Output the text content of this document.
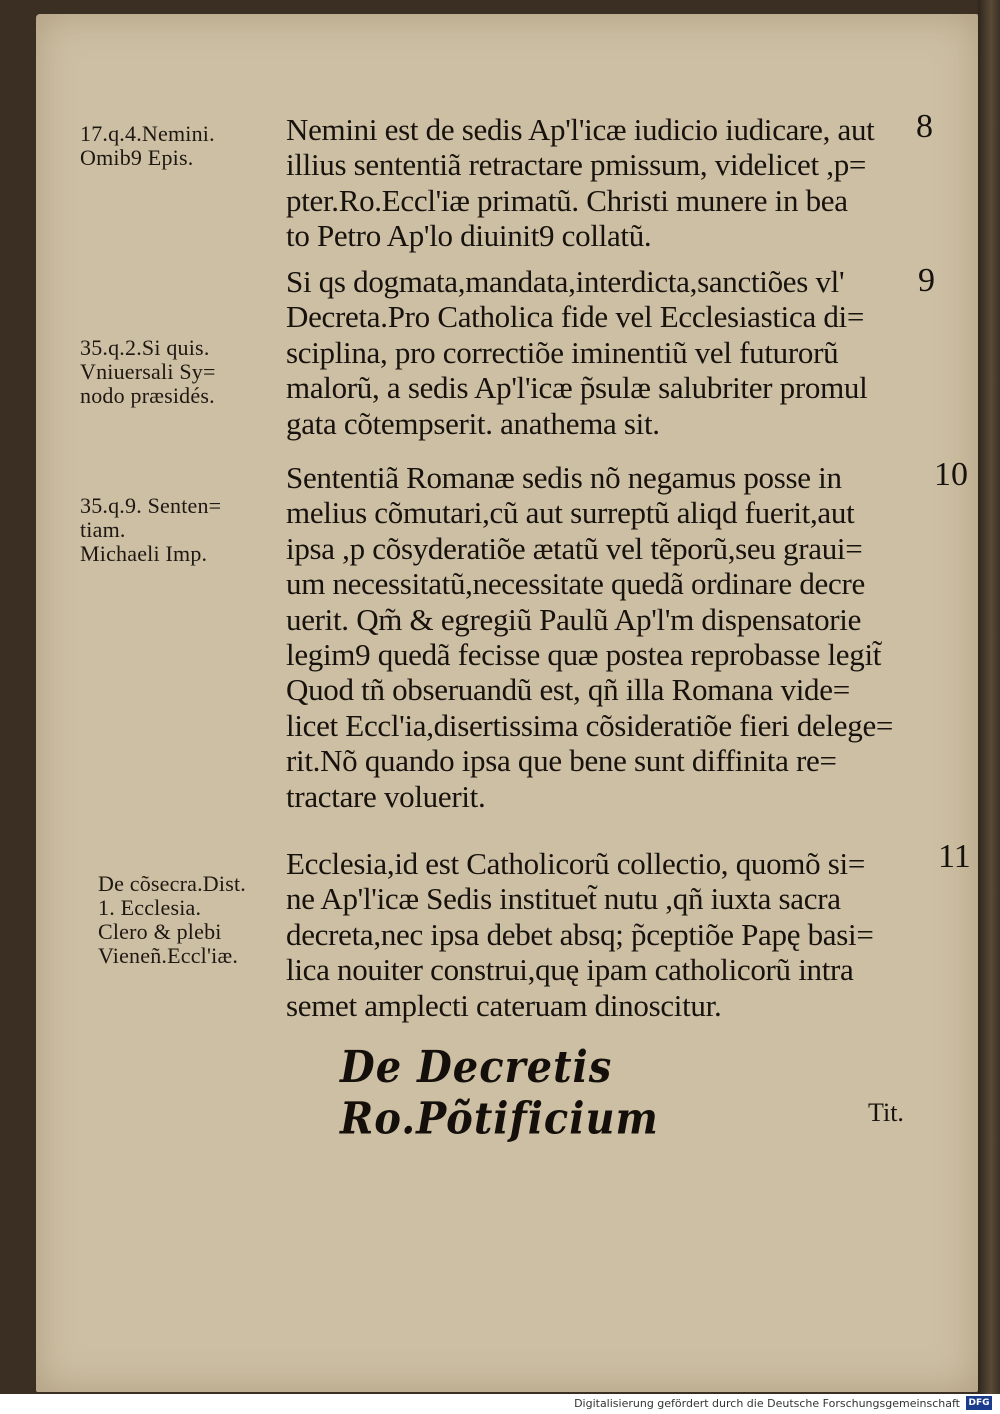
17.q.4.Nemini.
Omib9 Epis.
35.q.2.Si quis.
Vniuersali Sy=
nodo præsidés.
35.q.9. Senten=
tiam.
Michaeli Imp.
De cõsecra.Dist.
1. Ecclesia.
Clero & plebi
Vieneñ.Eccl'iæ.
Nemini est de sedis Ap'l'icæ iudicio iudicare, aut
illius sententiã retractare pmissum, videlicet ,p=
pter.Ro.Eccl'iæ primatũ. Christi munere in bea
to Petro Ap'lo diuinit9 collatũ.
8
Si qs dogmata,mandata,interdicta,sanctiões vl'
Decreta.Pro Catholica fide vel Ecclesiastica di=
sciplina, pro correctiõe iminentiũ vel futurorũ
malorũ, a sedis Ap'l'icæ p̃sulæ salubriter promul
gata cõtempserit. anathema sit.
9
Sententiã Romanæ sedis nõ negamus posse in
melius cõmutari,cũ aut surreptũ aliqd fuerit,aut
ipsa ,p cõsyderatiõe ætatũ vel tẽporũ,seu graui=
um necessitatũ,necessitate quedã ordinare decre
uerit. Qm̃ & egregiũ Paulũ Ap'l'm dispensatorie
legim9 quedã fecisse quæ postea reprobasse legit̃
Quod tñ obseruandũ est, qñ illa Romana vide=
licet Eccl'ia,disertissima cõsideratiõe fieri delege=
rit.Nõ quando ipsa que bene sunt diffinita re=
tractare voluerit.
10
Ecclesia,id est Catholicorũ collectio, quomõ si=
ne Ap'l'icæ Sedis instituet̃ nutu ,qñ iuxta sacra
decreta,nec ipsa debet absq; p̃ceptiõe Papę basi=
lica nouiter construi,quę ipam catholicorũ intra
semet amplecti cateruam dinoscitur.
11
De Decretis Ro.Põtificium	Tit.
Digitalisierung gefördert durch die Deutsche Forschungsgemeinschaft DFG
